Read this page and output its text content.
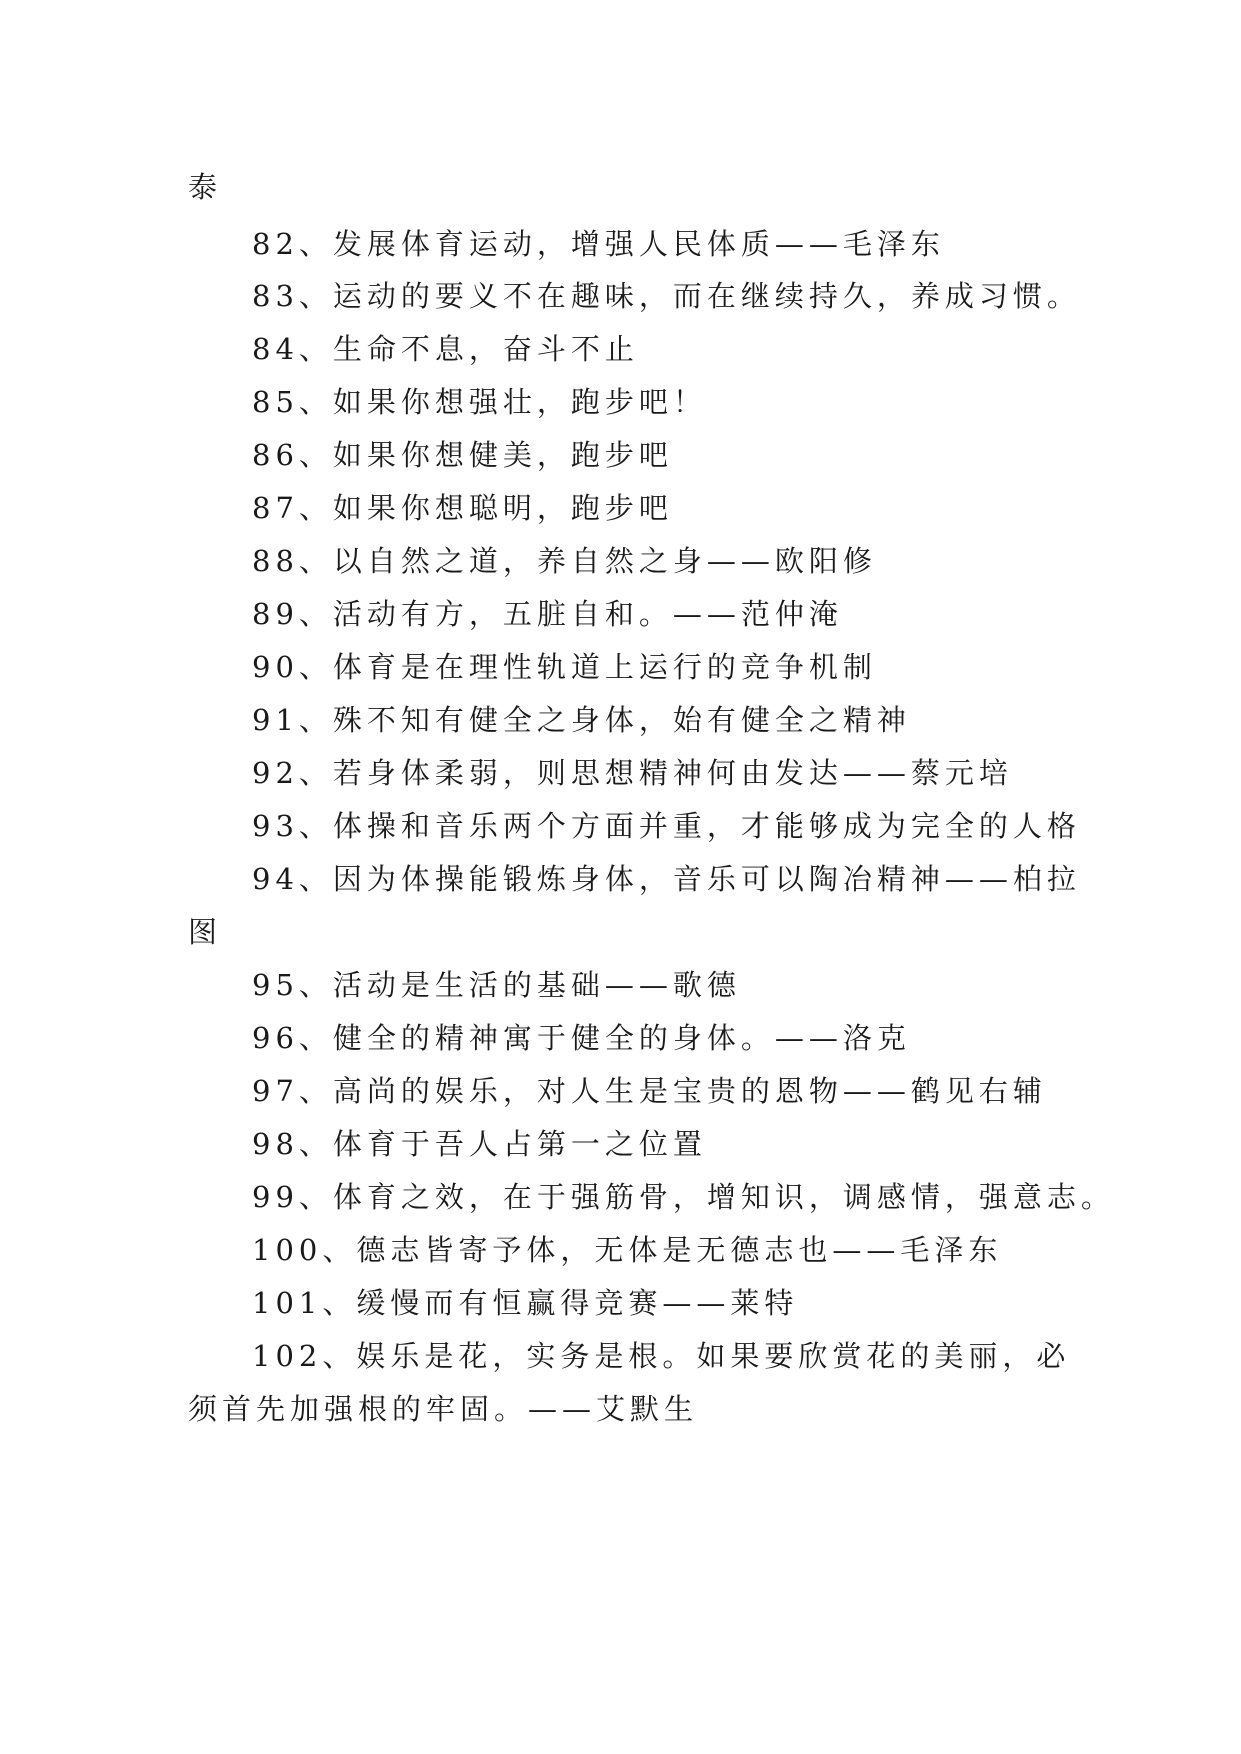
泰
82、发展体育运动，增强人民体质——毛泽东
83、运动的要义不在趣味，而在继续持久，养成习惯。
84、生命不息，奋斗不止
85、如果你想强壮，跑步吧！
86、如果你想健美，跑步吧
87、如果你想聪明，跑步吧
88、以自然之道，养自然之身——欧阳修
89、活动有方，五脏自和。——范仲淹
90、体育是在理性轨道上运行的竞争机制
91、殊不知有健全之身体，始有健全之精神
92、若身体柔弱，则思想精神何由发达——蔡元培
93、体操和音乐两个方面并重，才能够成为完全的人格
94、因为体操能锻炼身体，音乐可以陶冶精神——柏拉
图
95、活动是生活的基础——歌德
96、健全的精神寓于健全的身体。——洛克
97、高尚的娱乐，对人生是宝贵的恩物——鹤见右辅
98、体育于吾人占第一之位置
99、体育之效，在于强筋骨，增知识，调感情，强意志。
100、德志皆寄予体，无体是无德志也——毛泽东
101、缓慢而有恒赢得竞赛——莱特
102、娱乐是花，实务是根。如果要欣赏花的美丽，必
须首先加强根的牢固。——艾默生
